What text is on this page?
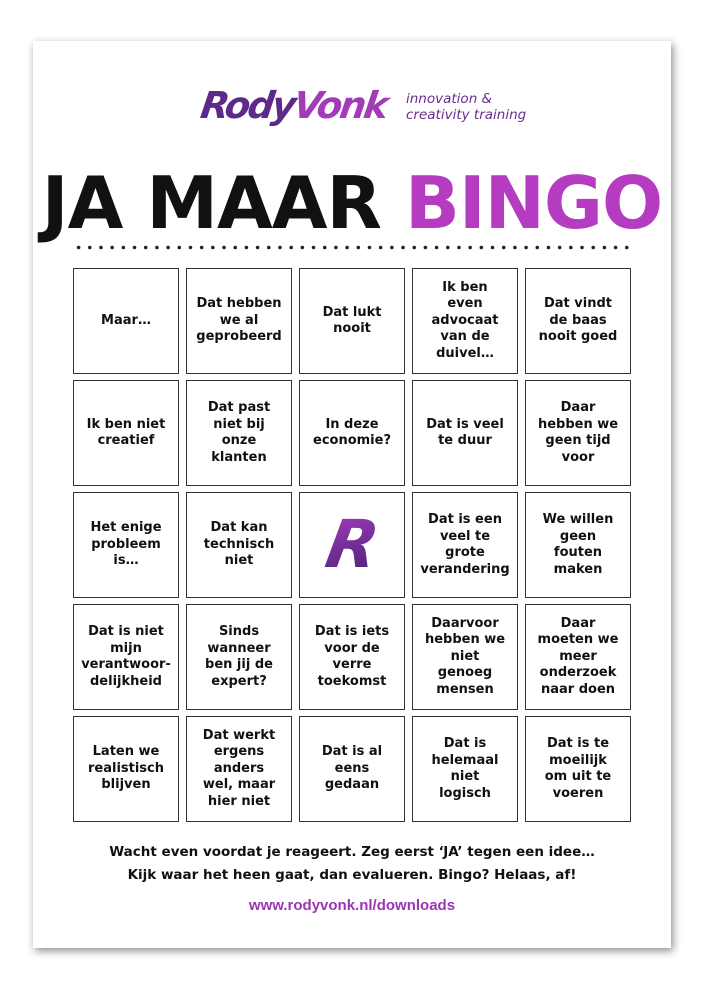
RodyVonk innovation &
creativity training
JA MAAR BINGO
Maar…
Dat hebben we al geprobeerd
Dat lukt nooit
Ik ben even advocaat van de duivel…
Dat vindt de baas nooit goed
Ik ben niet creatief
Dat past niet bij onze klanten
In deze economie?
Dat is veel te duur
Daar hebben we geen tijd voor
Het enige probleem is…
Dat kan technisch niet	R	Dat is een veel te grote verandering
We willen geen fouten maken
Dat is niet mijn verantwoor-delijkheid
Sinds wanneer ben jij de expert?
Dat is iets voor de verre toekomst
Daarvoor hebben we niet genoeg mensen
Daar moeten we meer onderzoek naar doen
Laten we realistisch blijven
Dat werkt ergens anders wel, maar hier niet
Dat is al eens gedaan
Dat is helemaal niet logisch
Dat is te moeilijk om uit te voeren
Wacht even voordat je reageert. Zeg eerst ‘JA’ tegen een idee…
Kijk waar het heen gaat, dan evalueren. Bingo? Helaas, af!
www.rodyvonk.nl/downloads
